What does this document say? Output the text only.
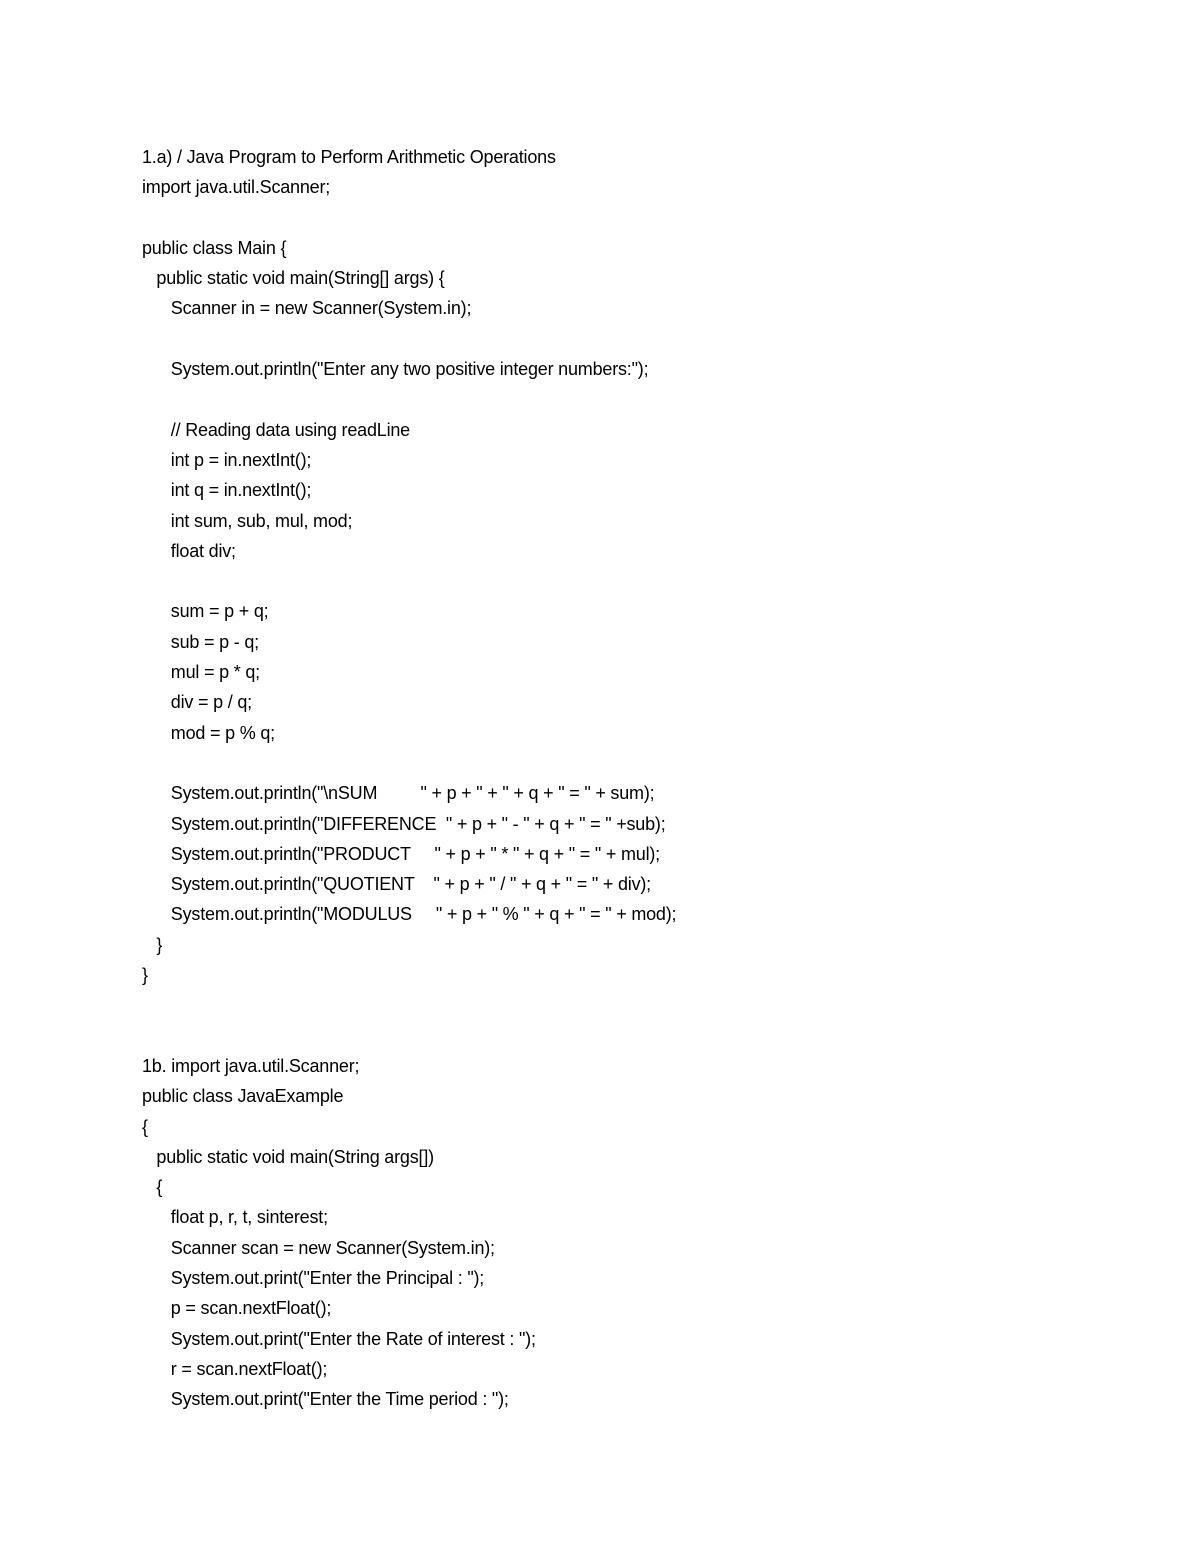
1.a) / Java Program to Perform Arithmetic Operations
import java.util.Scanner;
public class Main {
public static void main(String[] args) {
Scanner in = new Scanner(System.in);
System.out.println("Enter any two positive integer numbers:");
// Reading data using readLine
int p = in.nextInt();
int q = in.nextInt();
int sum, sub, mul, mod;
float div;
sum = p + q;
sub = p - q;
mul = p * q;
div = p / q;
mod = p % q;
System.out.println("\nSUM         " + p + " + " + q + " = " + sum);
System.out.println("DIFFERENCE  " + p + " - " + q + " = " +sub);
System.out.println("PRODUCT     " + p + " * " + q + " = " + mul);
System.out.println("QUOTIENT    " + p + " / " + q + " = " + div);
System.out.println("MODULUS     " + p + " % " + q + " = " + mod);
}
}
1b. import java.util.Scanner;
public class JavaExample
{
public static void main(String args[])
{
float p, r, t, sinterest;
Scanner scan = new Scanner(System.in);
System.out.print("Enter the Principal : ");
p = scan.nextFloat();
System.out.print("Enter the Rate of interest : ");
r = scan.nextFloat();
System.out.print("Enter the Time period : ");
